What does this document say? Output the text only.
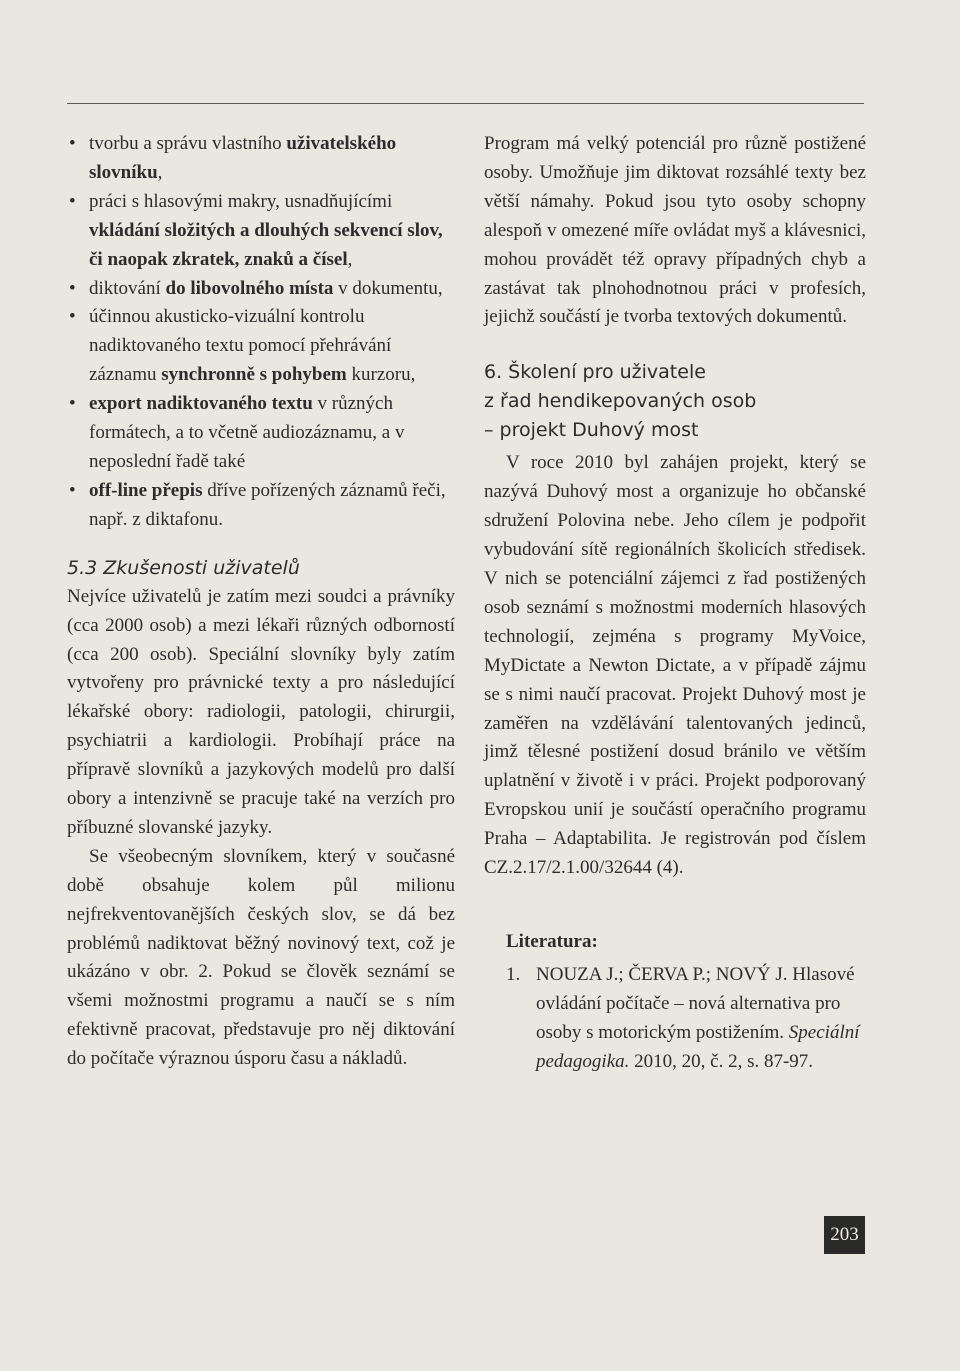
• tvorbu a správu vlastního uživatelského slovníku,
• práci s hlasovými makry, usnadňujícími vkládání složitých a dlouhých sekvencí slov, či naopak zkratek, znaků a čísel,
• diktování do libovolného místa v dokumentu,
• účinnou akusticko-vizuální kontrolu nadiktovaného textu pomocí přehrávání záznamu synchronně s pohybem kurzoru,
• export nadiktovaného textu v různých formátech, a to včetně audiozáznamu, a v neposlední řadě také
• off-line přepis dříve pořízených záznamů řeči, např. z diktafonu.
5.3 Zkušenosti uživatelů

Nejvíce uživatelů je zatím mezi soudci a právníky (cca 2000 osob) a mezi lékaři různých odborností (cca 200 osob). Speciální slovníky byly zatím vytvořeny pro právnické texty a pro následující lékařské obory: radiologii, patologii, chirurgii, psychiatrii a kardiologii. Probíhají práce na přípravě slovníků a jazykových modelů pro další obory a intenzivně se pracuje také na verzích pro příbuzné slovanské jazyky.

Se všeobecným slovníkem, který v současné době obsahuje kolem půl milionu nejfrekventovanějších českých slov, se dá bez problémů nadiktovat běžný novinový text, což je ukázáno v obr. 2. Pokud se člověk seznámí se všemi možnostmi programu a naučí se s ním efektivně pracovat, představuje pro něj diktování do počítače výraznou úsporu času a nákladů.

Program má velký potenciál pro různě postižené osoby. Umožňuje jim diktovat rozsáhlé texty bez větší námahy. Pokud jsou tyto osoby schopny alespoň v omezené míře ovládat myš a klávesnici, mohou provádět též opravy případných chyb a zastávat tak plnohodnotnou práci v profesích, jejichž součástí je tvorba textových dokumentů.

6. Školení pro uživatele
z řad hendikepovaných osob
– projekt Duhový most

V roce 2010 byl zahájen projekt, který se nazývá Duhový most a organizuje ho občanské sdružení Polovina nebe. Jeho cílem je podpořit vybudování sítě regionálních školicích středisek. V nich se potenciální zájemci z řad postižených osob seznámí s možnostmi moderních hlasových technologií, zejména s programy MyVoice, MyDictate a Newton Dictate, a v případě zájmu se s nimi naučí pracovat. Projekt Duhový most je zaměřen na vzdělávání talentovaných jedinců, jimž tělesné postižení dosud bránilo ve větším uplatnění v životě i v práci. Projekt podporovaný Evropskou unií je součástí operačního programu Praha – Adaptabilita. Je registrován pod číslem CZ.2.17/2.1.00/32644 (4).

Literatura:
1. NOUZA J.; ČERVA P.; NOVÝ J. Hlasové ovládání počítače – nová alternativa pro osoby s motorickým postižením. Speciální pedagogika. 2010, 20, č. 2, s. 87-97.
203
